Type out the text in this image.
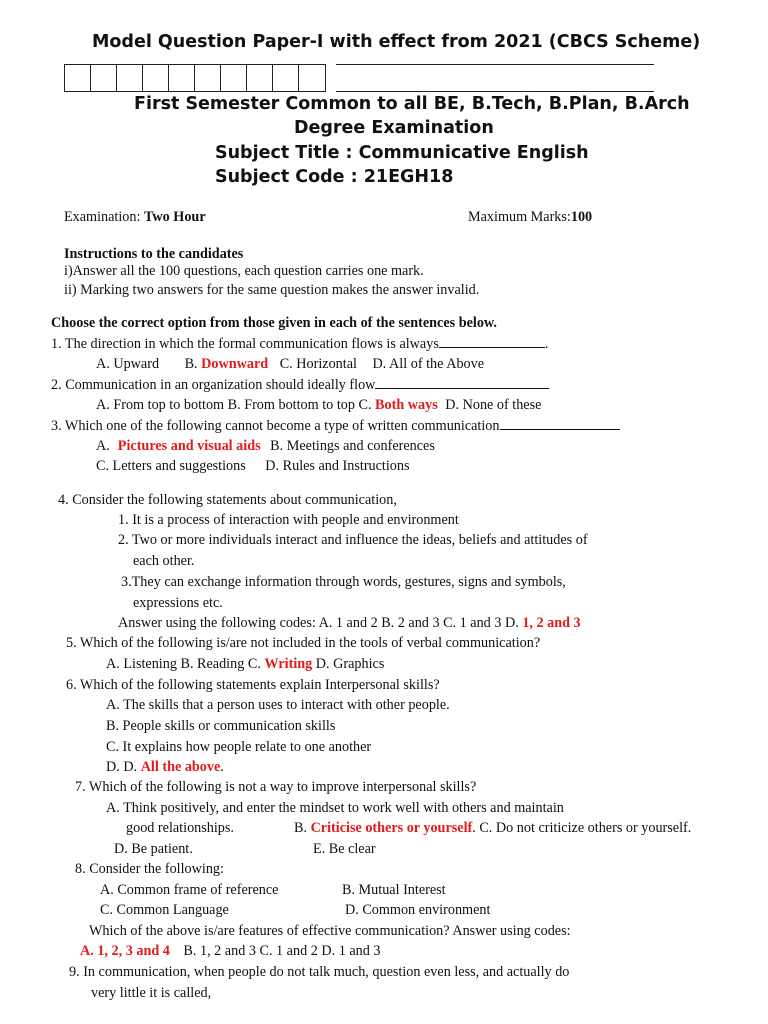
Model Question Paper-I with effect from 2021 (CBCS Scheme)
First Semester Common to all BE, B.Tech, B.Plan, B.Arch
Degree Examination
Subject Title : Communicative English
Subject Code : 21EGH18
Examination: Two Hour	Maximum Marks:100
Instructions to the candidates
i)Answer all the 100 questions, each question carries one mark.
ii) Marking two answers for the same question makes the answer invalid.
Choose the correct option from those given in each of the sentences below.
1. The direction in which the formal communication flows is always	.
A. Upward B. Downward C. Horizontal D. All of the Above
2. Communication in an organization should ideally flow
A. From top to bottom B. From bottom to top C. Both ways D. None of these
3. Which one of the following cannot become a type of written communication
A. Pictures and visual aids B. Meetings and conferences
C. Letters and suggestions D. Rules and Instructions
4. Consider the following statements about communication,
1. It is a process of interaction with people and environment
2. Two or more individuals interact and influence the ideas, beliefs and attitudes of
each other.
3.They can exchange information through words, gestures, signs and symbols,
expressions etc.
Answer using the following codes: A. 1 and 2 B. 2 and 3 C. 1 and 3 D. 1, 2 and 3
5. Which of the following is/are not included in the tools of verbal communication?
A. Listening B. Reading C. Writing D. Graphics
6. Which of the following statements explain Interpersonal skills?
A. The skills that a person uses to interact with other people.
B. People skills or communication skills
C. It explains how people relate to one another
D. D. All the above.
7. Which of the following is not a way to improve interpersonal skills?
A. Think positively, and enter the mindset to work well with others and maintain
good relationships.	B. Criticise others or yourself. C. Do not criticize others or yourself.
D. Be patient.	E. Be clear
8. Consider the following:
A. Common frame of reference	B. Mutual Interest
C. Common Language	D. Common environment
Which of the above is/are features of effective communication? Answer using codes:
A. 1, 2, 3 and 4 B. 1, 2 and 3 C. 1 and 2 D. 1 and 3
9. In communication, when people do not talk much, question even less, and actually do
very little it is called,
